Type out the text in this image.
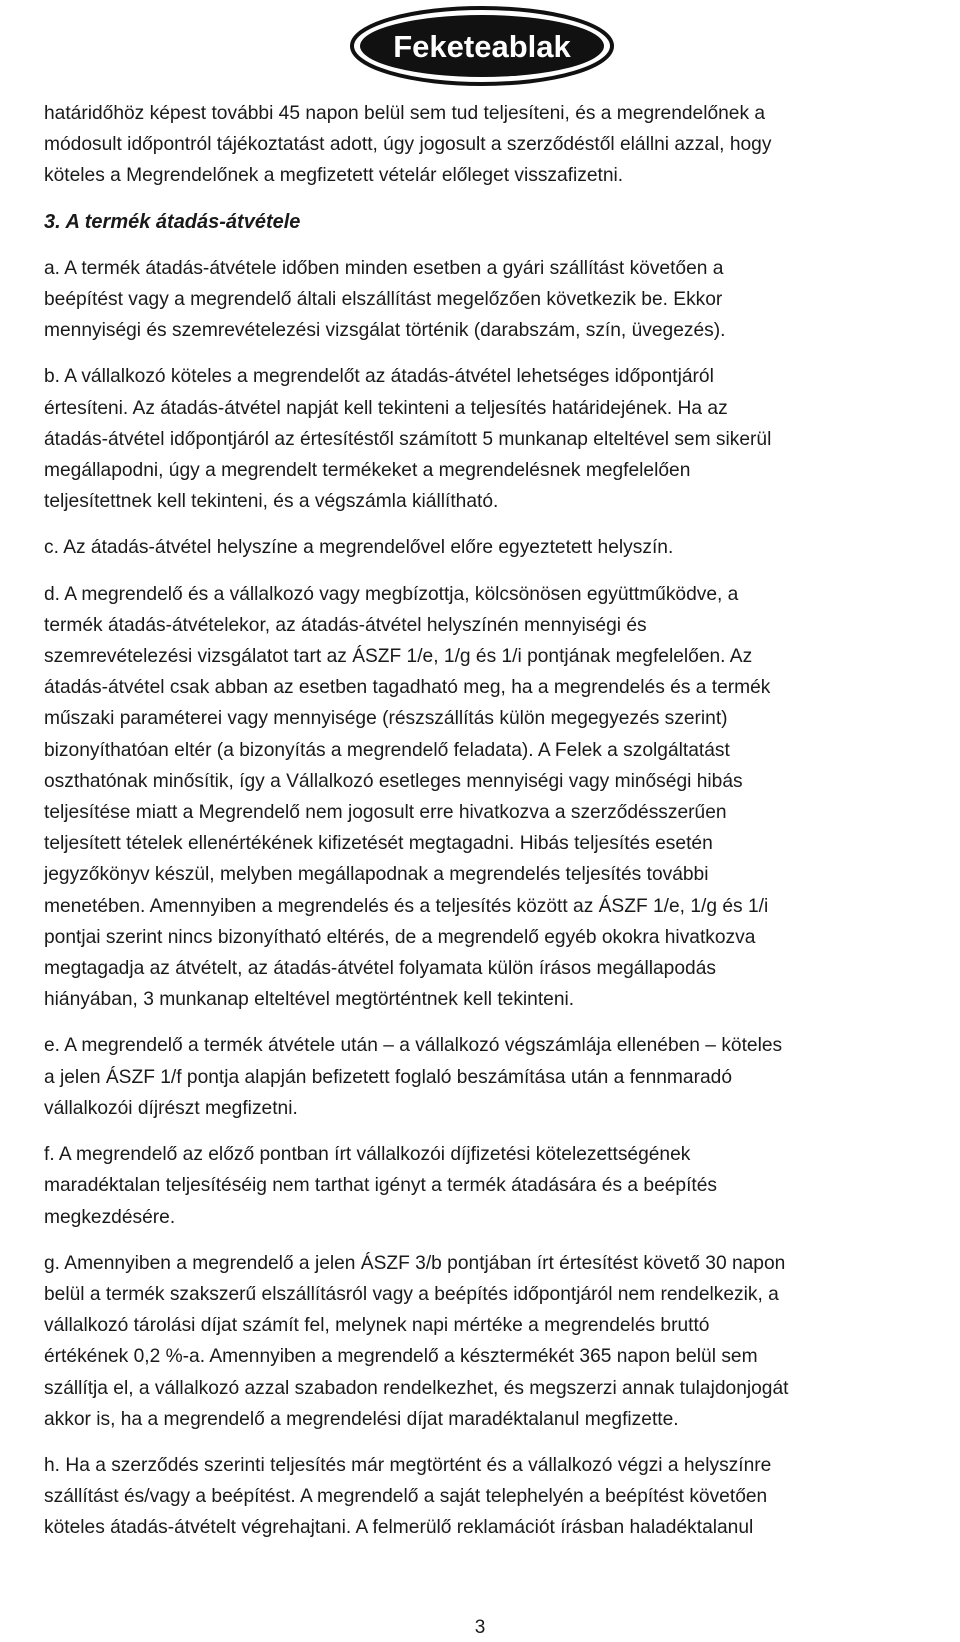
Feketeablak

határidőhöz képest további 45 napon belül sem tud teljesíteni, és a megrendelőnek a

módosult időpontról tájékoztatást adott, úgy jogosult a szerződéstől elállni azzal, hogy

köteles a Megrendelőnek a megfizetett vételár előleget visszafizetni.

3. A termék átadás-átvétele

a. A termék átadás-átvétele időben minden esetben a gyári szállítást követően a

beépítést vagy a megrendelő általi elszállítást megelőzően következik be. Ekkor

mennyiségi és szemrevételezési vizsgálat történik (darabszám, szín, üvegezés).

b. A vállalkozó köteles a megrendelőt az átadás-átvétel lehetséges időpontjáról

értesíteni. Az átadás-átvétel napját kell tekinteni a teljesítés határidejének. Ha az

átadás-átvétel időpontjáról az értesítéstől számított 5 munkanap elteltével sem sikerül

megállapodni, úgy a megrendelt termékeket a megrendelésnek megfelelően

teljesítettnek kell tekinteni, és a végszámla kiállítható.

c. Az átadás-átvétel helyszíne a megrendelővel előre egyeztetett helyszín.

d. A megrendelő és a vállalkozó vagy megbízottja, kölcsönösen együttműködve, a

termék átadás-átvételekor, az átadás-átvétel helyszínén mennyiségi és

szemrevételezési vizsgálatot tart az ÁSZF 1/e, 1/g és 1/i pontjának megfelelően. Az

átadás-átvétel csak abban az esetben tagadható meg, ha a megrendelés és a termék

műszaki paraméterei vagy mennyisége (részszállítás külön megegyezés szerint)

bizonyíthatóan eltér (a bizonyítás a megrendelő feladata). A Felek a szolgáltatást

oszthatónak minősítik, így a Vállalkozó esetleges mennyiségi vagy minőségi hibás

teljesítése miatt a Megrendelő nem jogosult erre hivatkozva a szerződésszerűen

teljesített tételek ellenértékének kifizetését megtagadni. Hibás teljesítés esetén

jegyzőkönyv készül, melyben megállapodnak a megrendelés teljesítés további

menetében. Amennyiben a megrendelés és a teljesítés között az ÁSZF 1/e, 1/g és 1/i

pontjai szerint nincs bizonyítható eltérés, de a megrendelő egyéb okokra hivatkozva

megtagadja az átvételt, az átadás-átvétel folyamata külön írásos megállapodás

hiányában, 3 munkanap elteltével megtörténtnek kell tekinteni.

e. A megrendelő a termék átvétele után – a vállalkozó végszámlája ellenében – köteles

a jelen ÁSZF 1/f pontja alapján befizetett foglaló beszámítása után a fennmaradó

vállalkozói díjrészt megfizetni.

f. A megrendelő az előző pontban írt vállalkozói díjfizetési kötelezettségének

maradéktalan teljesítéséig nem tarthat igényt a termék átadására és a beépítés

megkezdésére.

g. Amennyiben a megrendelő a jelen ÁSZF 3/b pontjában írt értesítést követő 30 napon

belül a termék szakszerű elszállításról vagy a beépítés időpontjáról nem rendelkezik, a

vállalkozó tárolási díjat számít fel, melynek napi mértéke a megrendelés bruttó

értékének 0,2 %-a. Amennyiben a megrendelő a késztermékét 365 napon belül sem

szállítja el, a vállalkozó azzal szabadon rendelkezhet, és megszerzi annak tulajdonjogát

akkor is, ha a megrendelő a megrendelési díjat maradéktalanul megfizette.

h. Ha a szerződés szerinti teljesítés már megtörtént és a vállalkozó végzi a helyszínre

szállítást és/vagy a beépítést. A megrendelő a saját telephelyén a beépítést követően

köteles átadás-átvételt végrehajtani. A felmerülő reklamációt írásban haladéktalanul

3
